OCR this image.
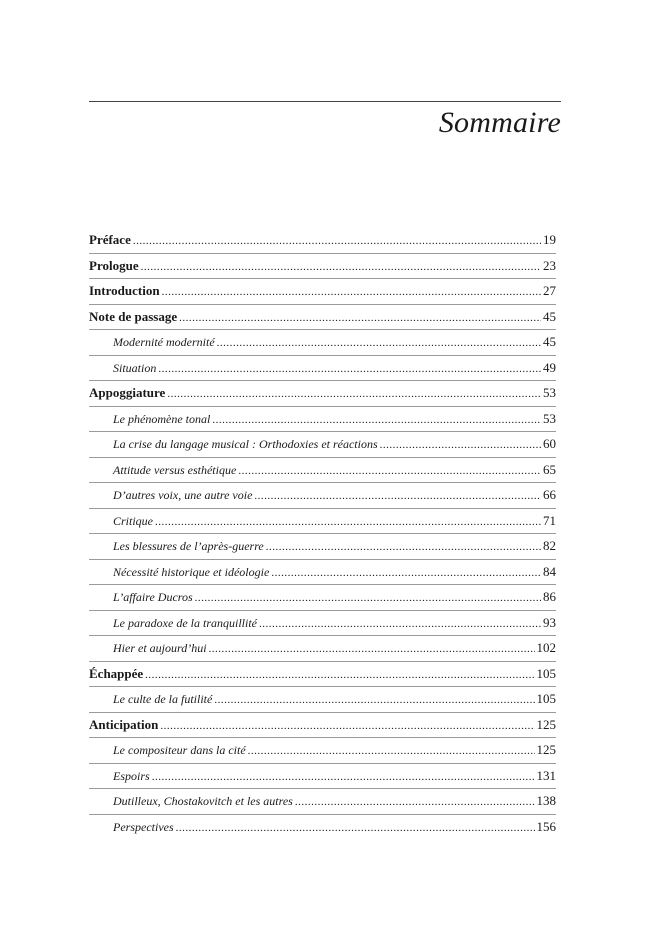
Sommaire
Préface .....	19
Prologue .....	23
Introduction .....	27
Note de passage .....	45
Modernité modernité .....	45
Situation .....	49
Appoggiature .....	53
Le phénomène tonal .....	53
La crise du langage musical : Orthodoxies et réactions .....	60
Attitude versus esthétique .....	65
D’autres voix, une autre voie .....	66
Critique .....	71
Les blessures de l’après-guerre .....	82
Nécessité historique et idéologie .....	84
L’affaire Ducros .....	86
Le paradoxe de la tranquillité .....	93
Hier et aujourd’hui .....	102
Échappée .....	105
Le culte de la futilité .....	105
Anticipation .....	125
Le compositeur dans la cité .....	125
Espoirs .....	131
Dutilleux, Chostakovitch et les autres .....	138
Perspectives .....	156
